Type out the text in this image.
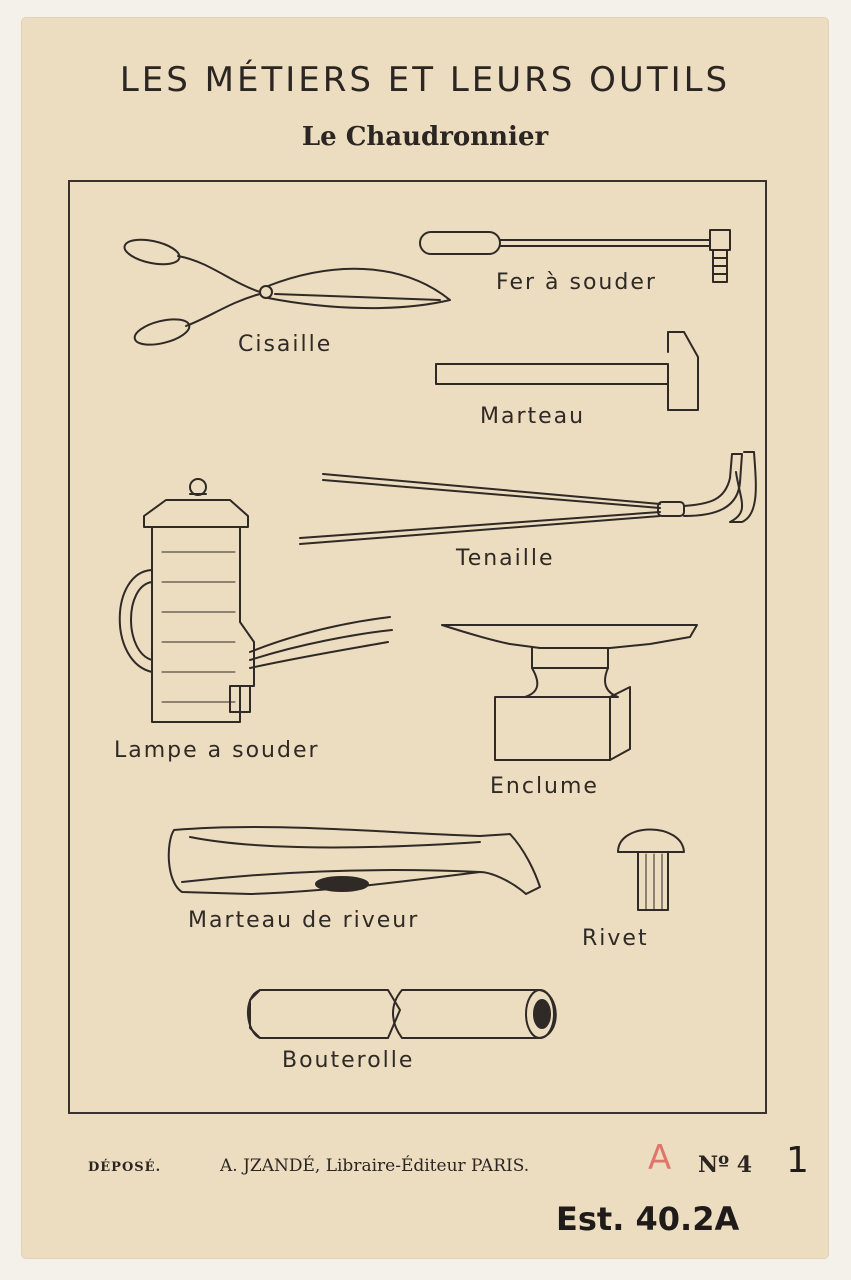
LES MÉTIERS ET LEURS OUTILS
Le Chaudronnier
Cisaille
Fer à souder
Marteau
Tenaille
Lampe a souder
Enclume
Marteau de riveur
Rivet
Bouterolle
DÉPOSÉ.	A. JZANDÉ, Libraire-Éditeur PARIS.	A Nº 4 1
Est. 40.2A
